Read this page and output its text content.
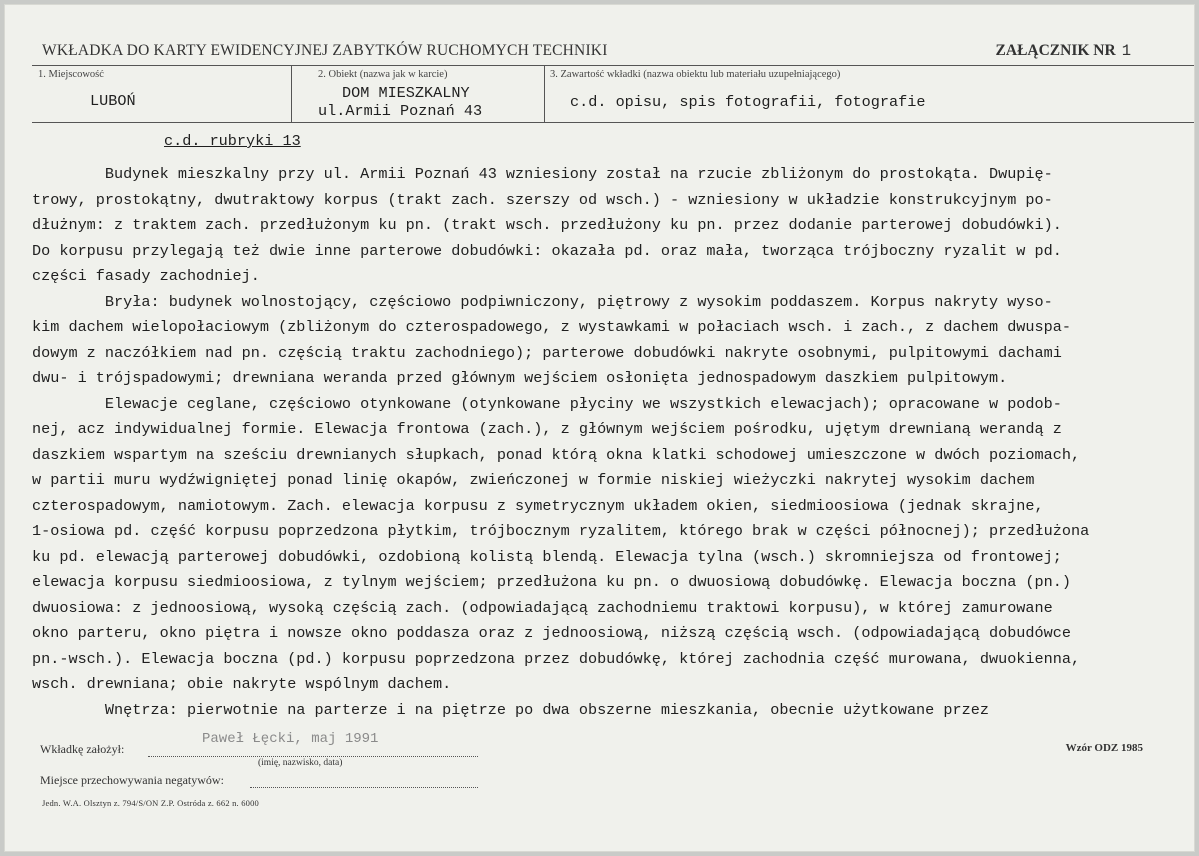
WKŁADKA DO KARTY EWIDENCYJNEJ ZABYTKÓW RUCHOMYCH TECHNIKI	ZAŁĄCZNIK NR 1
1. Miejscowość
LUBOŃ
2. Obiekt (nazwa jak w karcie)
DOM MIESZKALNY
ul.Armii Poznań 43
3. Zawartość wkładki (nazwa obiektu lub materiału uzupełniającego)
c.d. opisu, spis fotografii, fotografie
c.d. rubryki 13
Budynek mieszkalny przy ul. Armii Poznań 43 wzniesiony został na rzucie zbliżonym do prostokąta. Dwupię-
trowy, prostokątny, dwutraktowy korpus (trakt zach. szerszy od wsch.) - wzniesiony w układzie konstrukcyjnym po-
dłużnym: z traktem zach. przedłużonym ku pn. (trakt wsch. przedłużony ku pn. przez dodanie parterowej dobudówki).
Do korpusu przylegają też dwie inne parterowe dobudówki: okazała pd. oraz mała, tworząca trójboczny ryzalit w pd.
części fasady zachodniej.
Bryła: budynek wolnostojący, częściowo podpiwniczony, piętrowy z wysokim poddaszem. Korpus nakryty wyso-
kim dachem wielopołaciowym (zbliżonym do czterospadowego, z wystawkami w połaciach wsch. i zach., z dachem dwuspa-
dowym z naczółkiem nad pn. częścią traktu zachodniego); parterowe dobudówki nakryte osobnymi, pulpitowymi dachami
dwu- i trójspadowymi; drewniana weranda przed głównym wejściem osłonięta jednospadowym daszkiem pulpitowym.
Elewacje ceglane, częściowo otynkowane (otynkowane płyciny we wszystkich elewacjach); opracowane w podob-
nej, acz indywidualnej formie. Elewacja frontowa (zach.), z głównym wejściem pośrodku, ujętym drewnianą werandą z
daszkiem wspartym na sześciu drewnianych słupkach, ponad którą okna klatki schodowej umieszczone w dwóch poziomach,
w partii muru wydźwigniętej ponad linię okapów, zwieńczonej w formie niskiej wieżyczki nakrytej wysokim dachem
czterospadowym, namiotowym. Zach. elewacja korpusu z symetrycznym układem okien, siedmioosiowa (jednak skrajne,
1-osiowa pd. część korpusu poprzedzona płytkim, trójbocznym ryzalitem, którego brak w części północnej); przedłużona
ku pd. elewacją parterowej dobudówki, ozdobioną kolistą blendą. Elewacja tylna (wsch.) skromniejsza od frontowej;
elewacja korpusu siedmioosiowa, z tylnym wejściem; przedłużona ku pn. o dwuosiową dobudówkę. Elewacja boczna (pn.)
dwuosiowa: z jednoosiową, wysoką częścią zach. (odpowiadającą zachodniemu traktowi korpusu), w której zamurowane
okno parteru, okno piętra i nowsze okno poddasza oraz z jednoosiową, niższą częścią wsch. (odpowiadającą dobudówce
pn.-wsch.). Elewacja boczna (pd.) korpusu poprzedzona przez dobudówkę, której zachodnia część murowana, dwuokienna,
wsch. drewniana; obie nakryte wspólnym dachem.
Wnętrza: pierwotnie na parterze i na piętrze po dwa obszerne mieszkania, obecnie użytkowane przez
Wkładkę założył:
Paweł Łęcki, maj 1991
(imię, nazwisko, data)
Wzór ODZ 1985
Miejsce przechowywania negatywów:
Jedn. W.A. Olsztyn z. 794/S/ON Z.P. Ostróda z. 662 n. 6000
